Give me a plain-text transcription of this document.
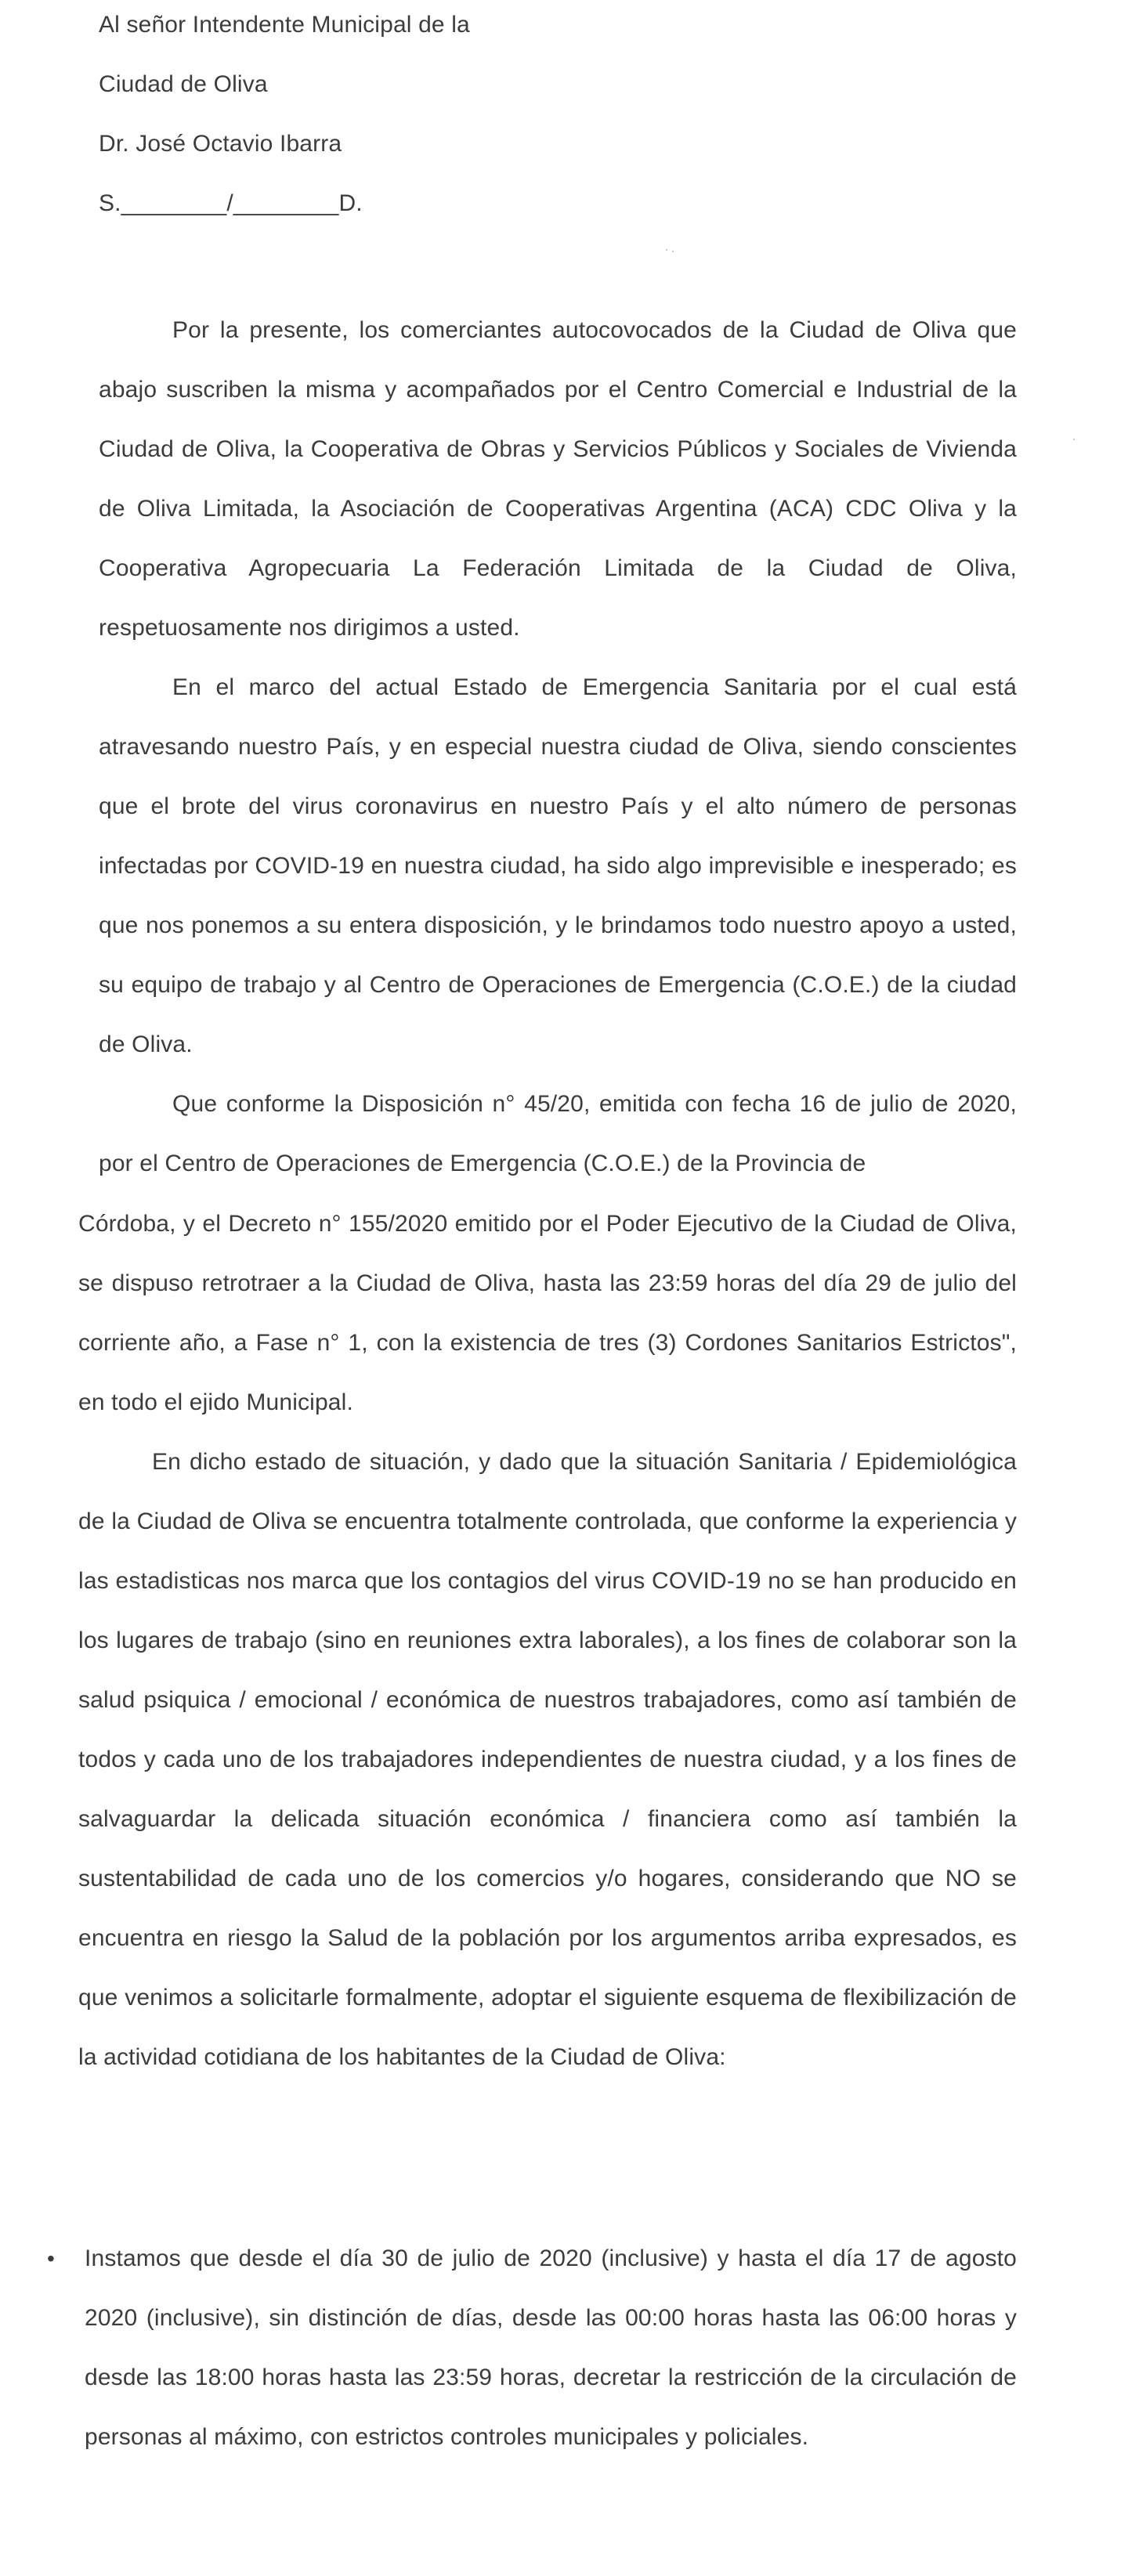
Al señor Intendente Municipal de la
Ciudad de Oliva
Dr. José Octavio Ibarra
S.________/________D.

Por la presente, los comerciantes autocovocados de la Ciudad de Oliva que abajo suscriben la misma y acompañados por el Centro Comercial e Industrial de la Ciudad de Oliva, la Cooperativa de Obras y Servicios Públicos y Sociales de Vivienda de Oliva Limitada, la Asociación de Cooperativas Argentina (ACA) CDC Oliva y la Cooperativa Agropecuaria La Federación Limitada de la Ciudad de Oliva, respetuosamente nos dirigimos a usted.

En el marco del actual Estado de Emergencia Sanitaria por el cual está atravesando nuestro País, y en especial nuestra ciudad de Oliva, siendo conscientes que el brote del virus coronavirus en nuestro País y el alto número de personas infectadas por COVID-19 en nuestra ciudad, ha sido algo imprevisible e inesperado; es que nos ponemos a su entera disposición, y le brindamos todo nuestro apoyo a usted, su equipo de trabajo y al Centro de Operaciones de Emergencia (C.O.E.) de la ciudad de Oliva.

Que conforme la Disposición n° 45/20, emitida con fecha 16 de julio de 2020, por el Centro de Operaciones de Emergencia (C.O.E.) de la Provincia de

Córdoba, y el Decreto n° 155/2020 emitido por el Poder Ejecutivo de la Ciudad de Oliva, se dispuso retrotraer a la Ciudad de Oliva, hasta las 23:59 horas del día 29 de julio del corriente año, a Fase n° 1, con la existencia de tres (3) Cordones Sanitarios Estrictos", en todo el ejido Municipal.

En dicho estado de situación, y dado que la situación Sanitaria / Epidemiológica de la Ciudad de Oliva se encuentra totalmente controlada, que conforme la experiencia y las estadisticas nos marca que los contagios del virus COVID-19 no se han producido en los lugares de trabajo (sino en reuniones extra laborales), a los fines de colaborar son la salud psiquica / emocional / económica de nuestros trabajadores, como así también de todos y cada uno de los trabajadores independientes de nuestra ciudad, y a los fines de salvaguardar la delicada situación económica / financiera como así también la sustentabilidad de cada uno de los comercios y/o hogares, considerando que NO se encuentra en riesgo la Salud de la población por los argumentos arriba expresados, es que venimos a solicitarle formalmente, adoptar el siguiente esquema de flexibilización de la actividad cotidiana de los habitantes de la Ciudad de Oliva:

• Instamos que desde el día 30 de julio de 2020 (inclusive) y hasta el día 17 de agosto 2020 (inclusive), sin distinción de días, desde las 00:00 horas hasta las 06:00 horas y desde las 18:00 horas hasta las 23:59 horas, decretar la restricción de la circulación de personas al máximo, con estrictos controles municipales y policiales.
